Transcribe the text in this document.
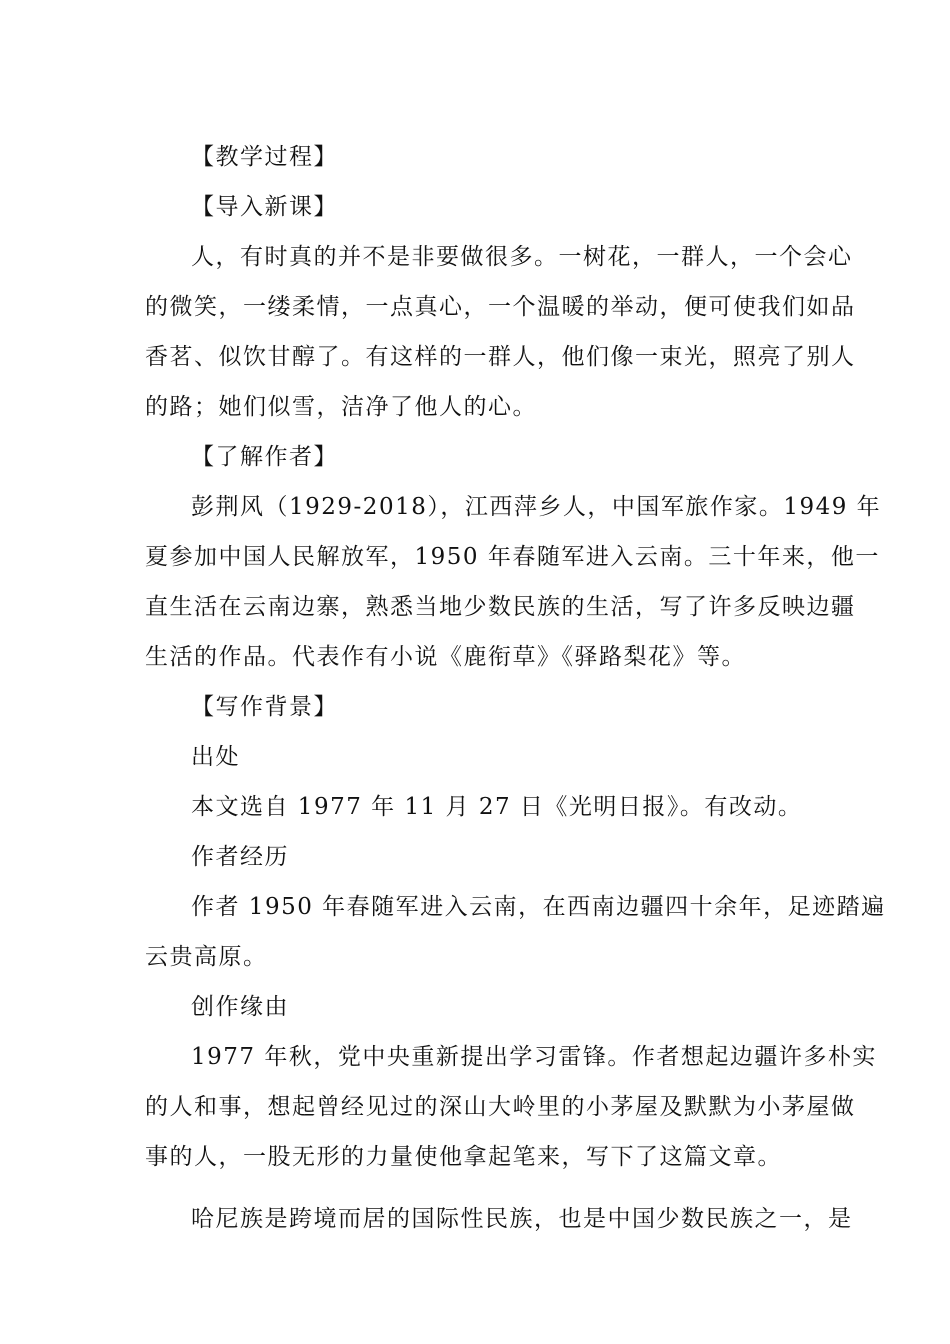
【教学过程】
【导入新课】
人，有时真的并不是非要做很多。一树花，一群人，一个会心
的微笑，一缕柔情，一点真心，一个温暖的举动，便可使我们如品
香茗、似饮甘醇了。有这样的一群人，他们像一束光，照亮了别人
的路；她们似雪，洁净了他人的心。
【了解作者】
彭荆风（1929-2018），江西萍乡人，中国军旅作家。1949 年
夏参加中国人民解放军，1950 年春随军进入云南。三十年来，他一
直生活在云南边寨，熟悉当地少数民族的生活，写了许多反映边疆
生活的作品。代表作有小说《鹿衔草》《驿路梨花》等。
【写作背景】
出处
本文选自 1977 年 11 月 27 日《光明日报》。有改动。
作者经历
作者 1950 年春随军进入云南，在西南边疆四十余年，足迹踏遍
云贵高原。
创作缘由
1977 年秋，党中央重新提出学习雷锋。作者想起边疆许多朴实
的人和事，想起曾经见过的深山大岭里的小茅屋及默默为小茅屋做
事的人，一股无形的力量使他拿起笔来，写下了这篇文章。
哈尼族是跨境而居的国际性民族，也是中国少数民族之一，是
